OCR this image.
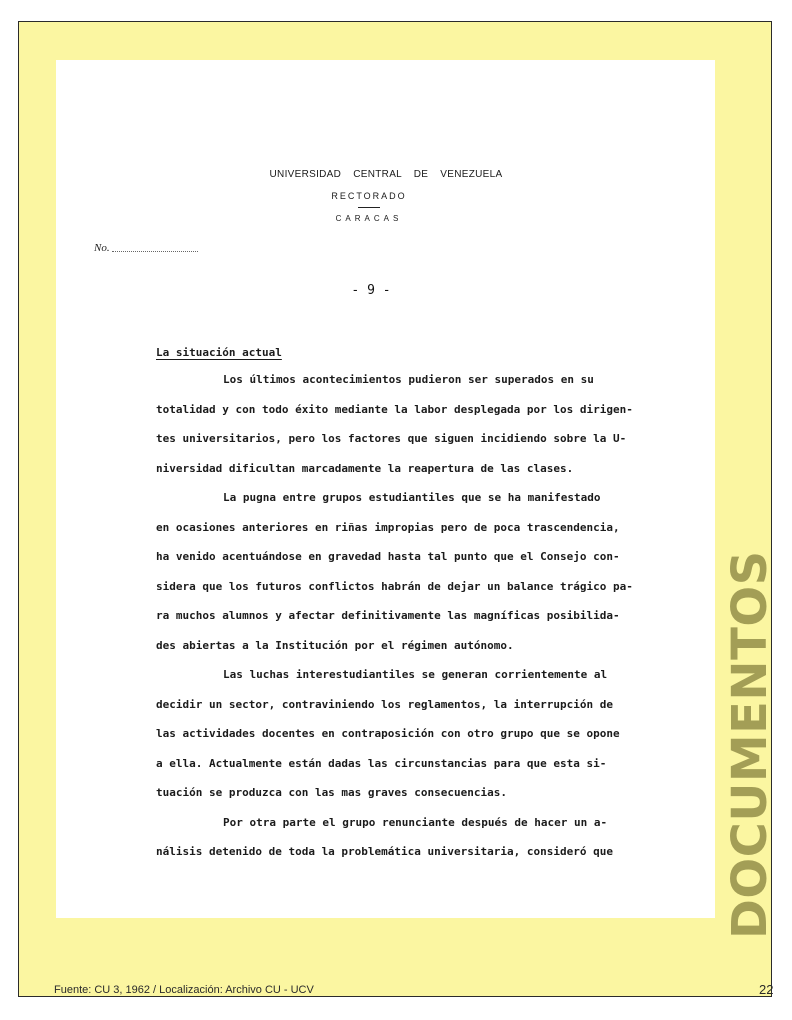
UNIVERSIDAD CENTRAL DE VENEZUELA
RECTORADO
CARACAS
No.
- 9 -
La situación actual
Los últimos acontecimientos pudieron ser superados en su
totalidad y con todo éxito mediante la labor desplegada por los dirigen-
tes universitarios, pero los factores que siguen incidiendo sobre la U-
niversidad dificultan marcadamente la reapertura de las clases.
La pugna entre grupos estudiantiles que se ha manifestado
en ocasiones anteriores en riñas impropias pero de poca trascendencia,
ha venido acentuándose en gravedad hasta tal punto que el Consejo con-
sidera que los futuros conflictos habrán de dejar un balance trágico pa-
ra muchos alumnos y afectar definitivamente las magníficas posibilida-
des abiertas a la Institución por el régimen autónomo.
Las luchas interestudiantiles se generan corrientemente al
decidir un sector, contraviniendo los reglamentos, la interrupción de
las actividades docentes en contraposición con otro grupo que se opone
a ella. Actualmente están dadas las circunstancias para que esta si-
tuación se produzca con las mas graves consecuencias.
Por otra parte el grupo renunciante después de hacer un a-
nálisis detenido de toda la problemática universitaria, consideró que	DOCUMENTOS
Fuente: CU 3, 1962 / Localización: Archivo CU - UCV	22
